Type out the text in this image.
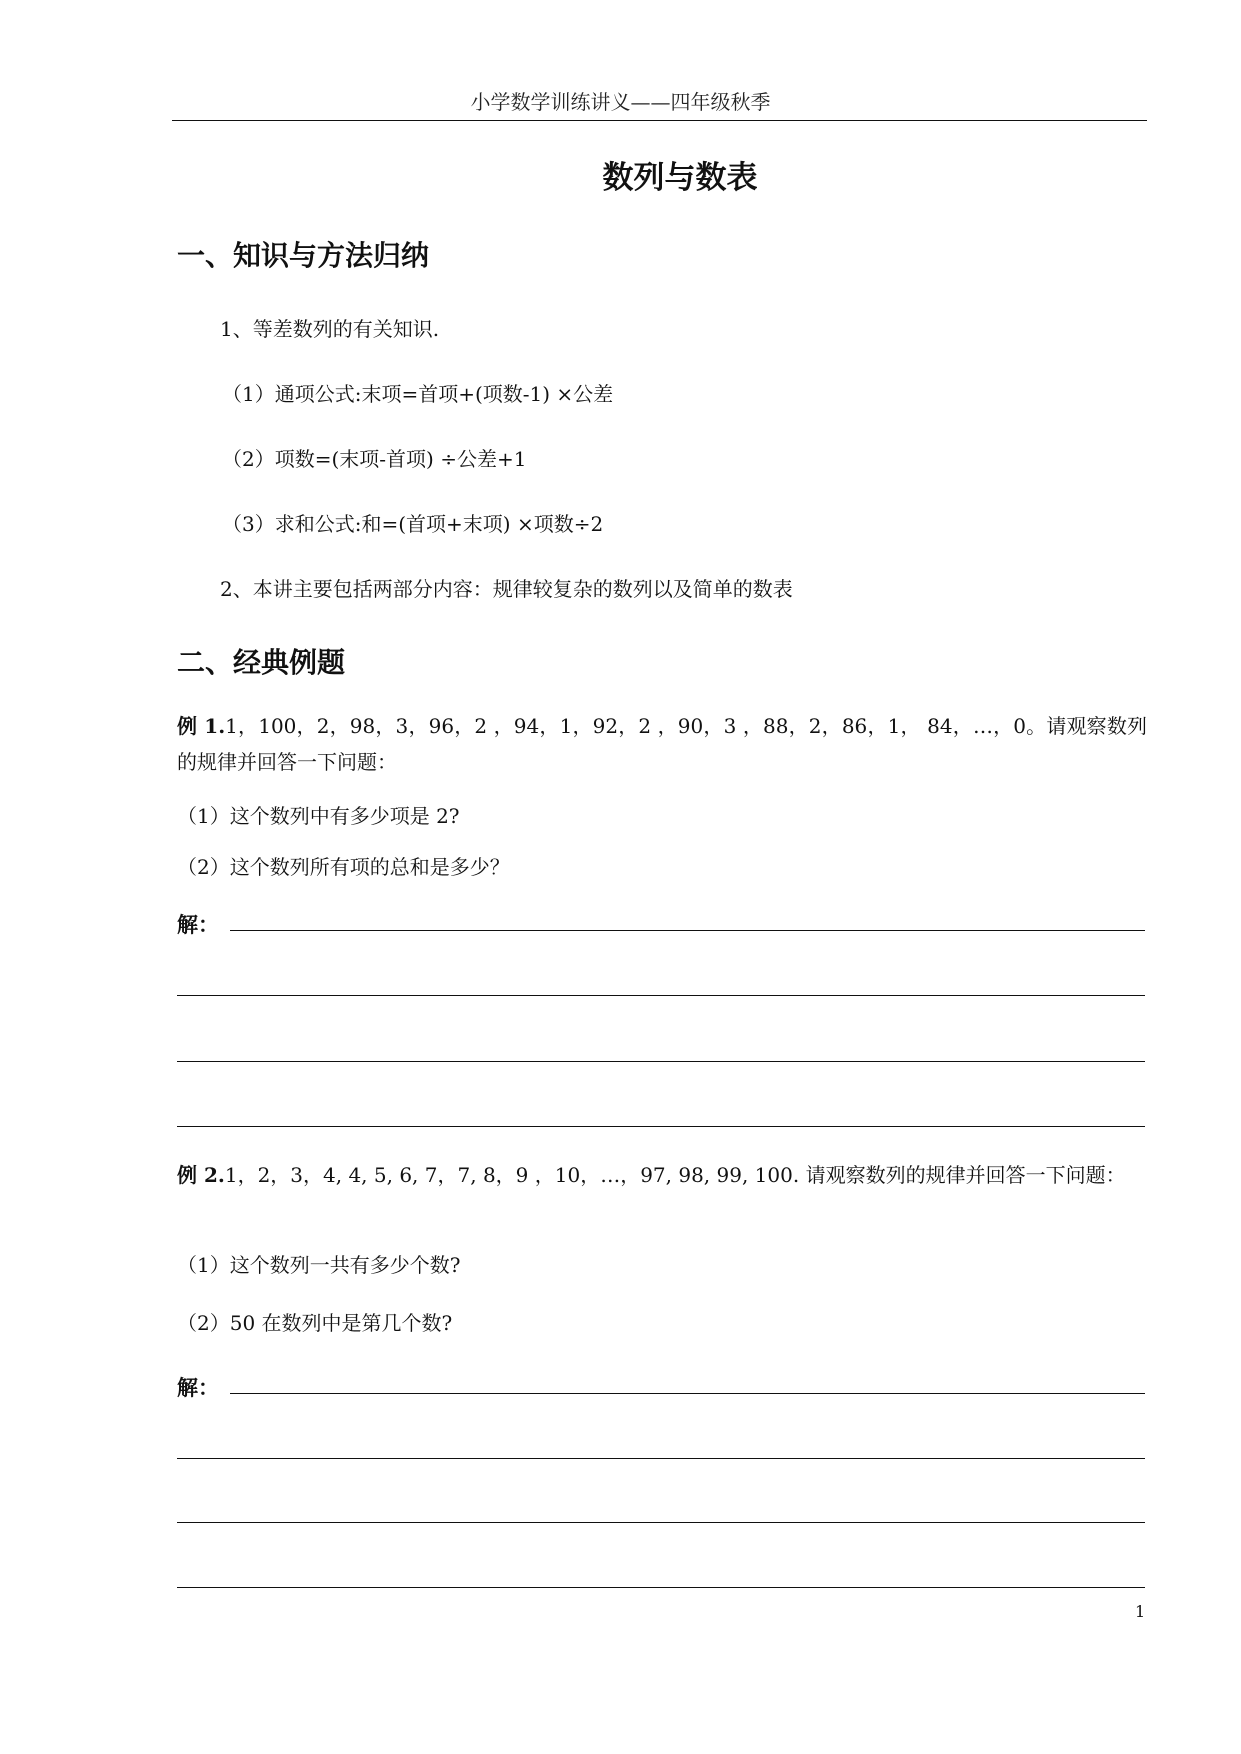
小学数学训练讲义——四年级秋季
数列与数表
一、知识与方法归纳
1、等差数列的有关知识.
（1）通项公式:末项=首项+(项数-1) ×公差
（2）项数=(末项-首项) ÷公差+1
（3）求和公式:和=(首项+末项) ×项数÷2
2、本讲主要包括两部分内容：规律较复杂的数列以及简单的数表
二、经典例题
例 1.1，100，2，98，3，96，2 ，94，1，92，2 ，90，3 ，88，2，86，1， 84，…，0。请观察数列的规律并回答一下问题：
（1）这个数列中有多少项是 2?
（2）这个数列所有项的总和是多少？
解：
例 2.1，2，3，4, 4, 5, 6, 7，7, 8，9 ，10，…，97, 98, 99, 100. 请观察数列的规律并回答一下问题：
（1）这个数列一共有多少个数?
（2）50 在数列中是第几个数?
解：
1
